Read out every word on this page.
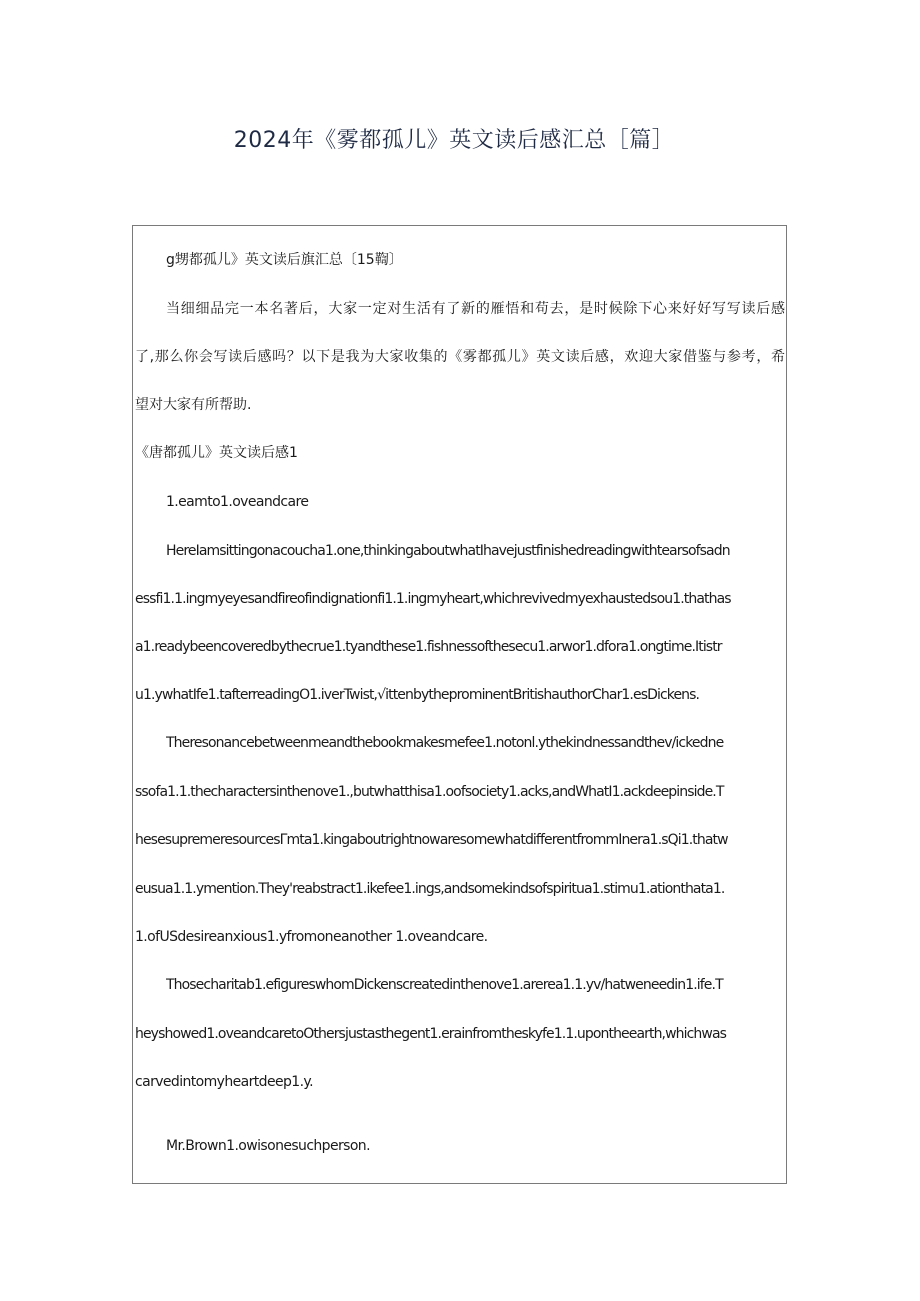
2024年《雾都孤儿》英文读后感汇总［篇］
g甥都孤儿》英文读后旗汇总〔15鞫〕
当细细品完一本名著后，大家一定对生活有了新的雁悟和苟去，是时候除下心来好好写写读后感
了,那么你会写读后感吗？以下是我为大家收集的《雾都孤儿》英文读后感，欢迎大家借鉴与参考，希
望对大家有所帮助.
《唐都孤儿》英文读后感1
1.eamto1.oveandcare
HereIamsittingonacoucha1.one,thinkingaboutwhatIhavejustfinishedreadingwithtearsofsadn
essfi1.1.ingmyeyesandfireofindignationfi1.1.ingmyheart,whichrevivedmyexhaustedsou1.thathas
a1.readybeencoveredbythecrue1.tyandthese1.fishnessofthesecu1.arwor1.dfora1.ongtime.Itistr
u1.ywhatIfe1.tafterreadingO1.iverTwist,√ittenbytheprominentBritishauthorChar1.esDickens.
Theresonancebetweenmeandthebookmakesmefee1.notonl.ythekindnessandthev/ickedne
ssofa1.1.thecharactersinthenove1.,butwhatthisa1.oofsociety1.acks,andWhatI1.ackdeepinside.T
hesesupremeresourcesΓmta1.kingaboutrightnowaresomewhatdifferentfrommInera1.sQi1.thatw
eusua1.1.ymention.They'reabstract1.ikefee1.ings,andsomekindsofspiritua1.stimu1.ationthata1.
1.ofUSdesireanxious1.yfromoneanother 1.oveandcare.
Thosecharitab1.efigureswhomDickenscreatedinthenove1.arerea1.1.yv/hatweneedin1.ife.T
heyshowed1.oveandcaretoOthersjustasthegent1.erainfromtheskyfe1.1.upontheearth,whichwas
carvedintomyheartdeep1.y.
Mr.Brown1.owisonesuchperson.
